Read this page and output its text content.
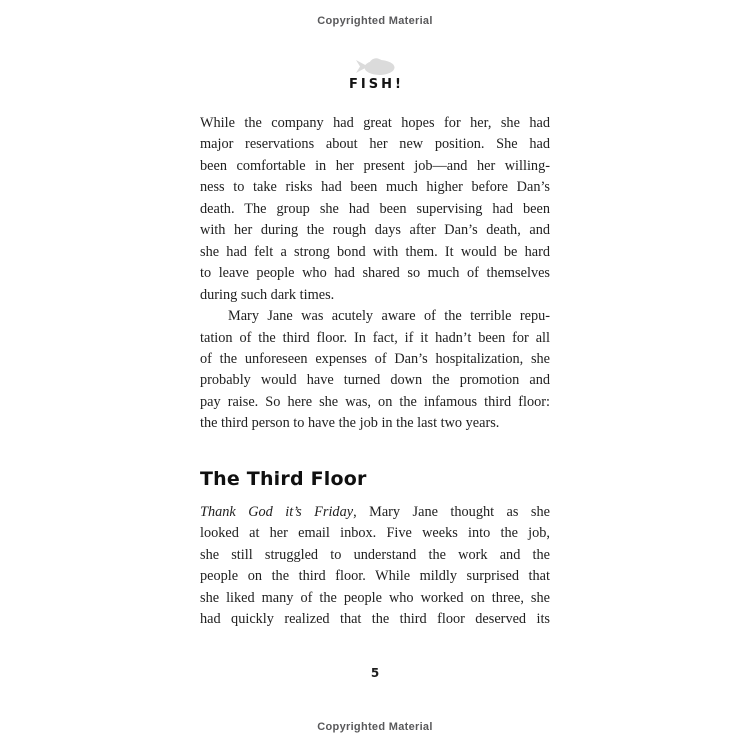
Copyrighted Material
FISH!
While the company had great hopes for her, she had
major reservations about her new position. She had
been comfortable in her present job—and her willing-
ness to take risks had been much higher before Dan’s
death. The group she had been supervising had been
with her during the rough days after Dan’s death, and
she had felt a strong bond with them. It would be hard
to leave people who had shared so much of themselves
during such dark times.
Mary Jane was acutely aware of the terrible repu-
tation of the third floor. In fact, if it hadn’t been for all
of the unforeseen expenses of Dan’s hospitalization, she
probably would have turned down the promotion and
pay raise. So here she was, on the infamous third floor:
the third person to have the job in the last two years.
The Third Floor
Thank God it’s Friday, Mary Jane thought as she
looked at her email inbox. Five weeks into the job,
she still struggled to understand the work and the
people on the third floor. While mildly surprised that
she liked many of the people who worked on three, she
had quickly realized that the third floor deserved its
5
Copyrighted Material
